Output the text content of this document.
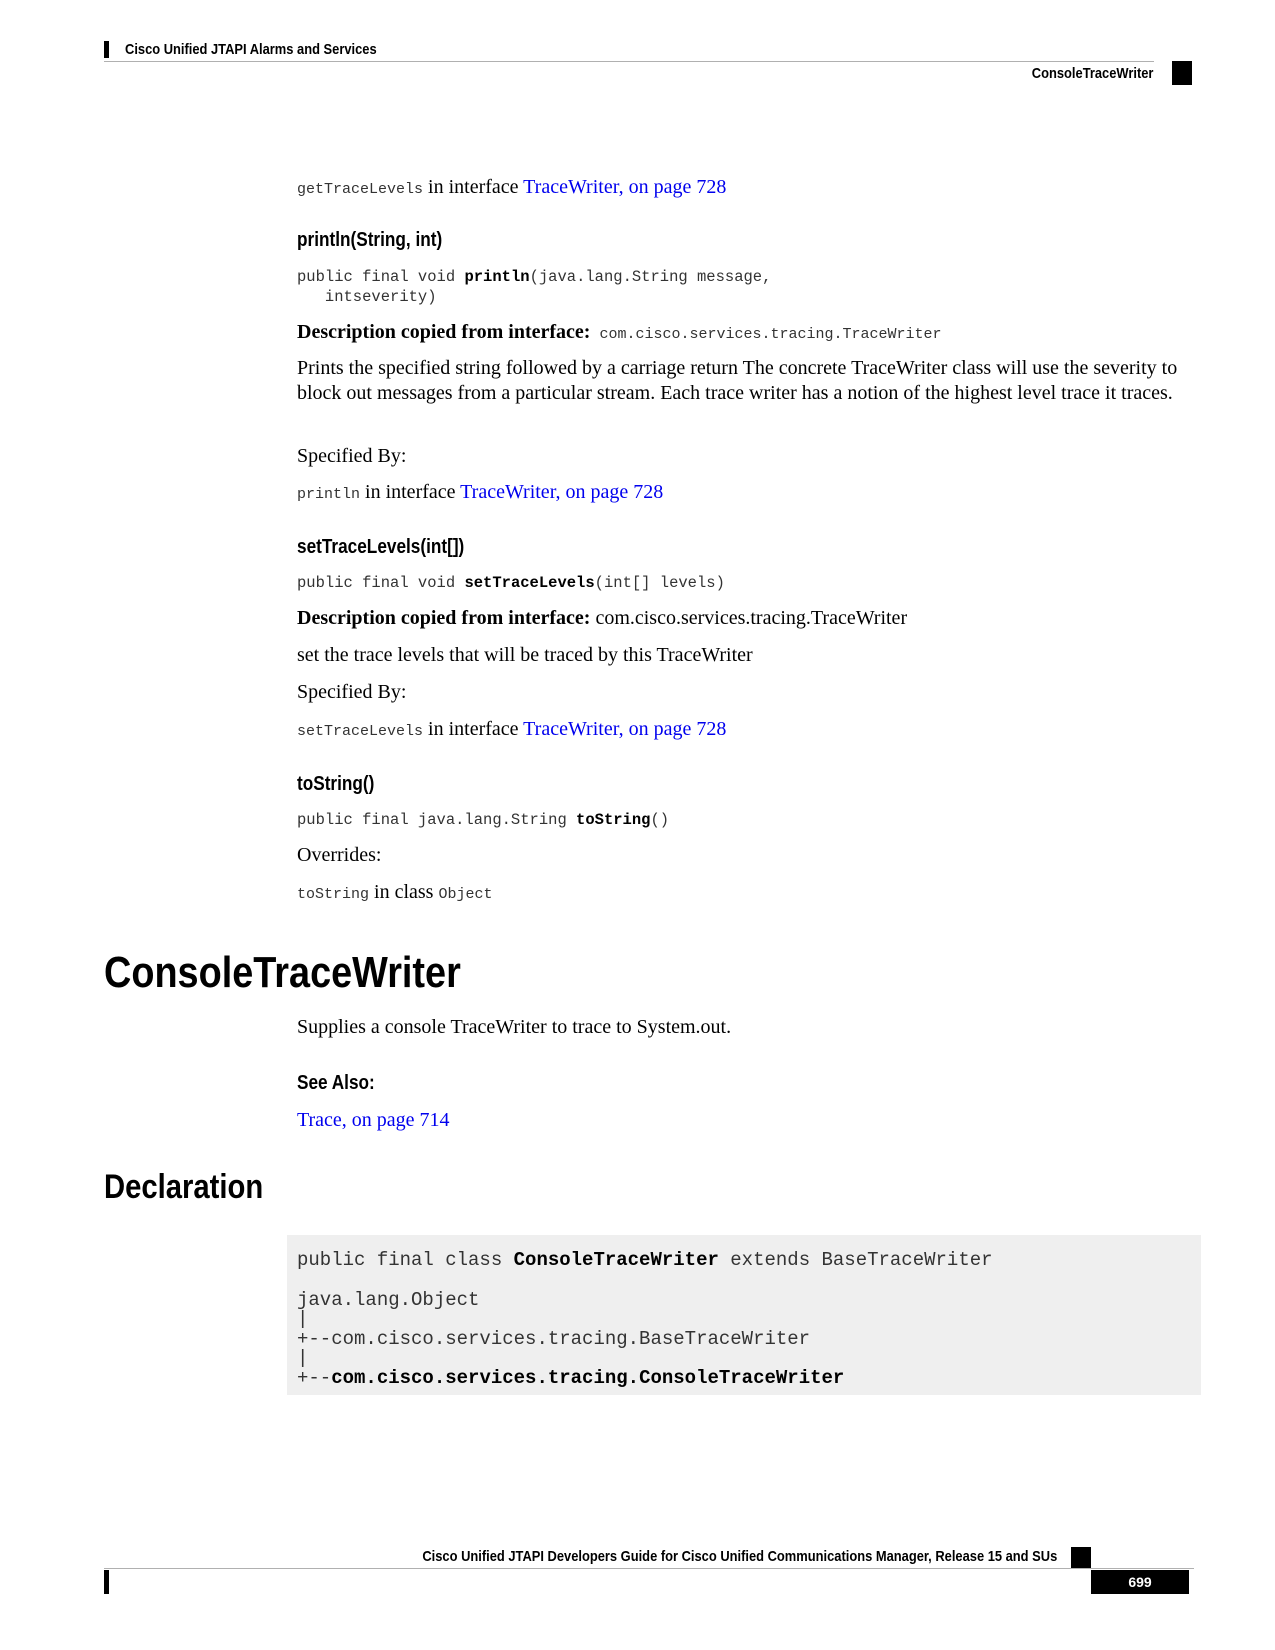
Cisco Unified JTAPI Alarms and Services
ConsoleTraceWriter
getTraceLevels in interface TraceWriter, on page 728
println(String, int)
public final void println(java.lang.String message,
intseverity)
Description copied from interface: com.cisco.services.tracing.TraceWriter
Prints the specified string followed by a carriage return The concrete TraceWriter class will use the severity to block out messages from a particular stream. Each trace writer has a notion of the highest level trace it traces.
Specified By:
println in interface TraceWriter, on page 728
setTraceLevels(int[])
public final void setTraceLevels(int[] levels)
Description copied from interface: com.cisco.services.tracing.TraceWriter
set the trace levels that will be traced by this TraceWriter
Specified By:
setTraceLevels in interface TraceWriter, on page 728
toString()
public final java.lang.String toString()
Overrides:
toString in class Object
ConsoleTraceWriter
Supplies a console TraceWriter to trace to System.out.
See Also:
Trace, on page 714
Declaration
public final class ConsoleTraceWriter extends BaseTraceWriter
java.lang.Object
|
+--com.cisco.services.tracing.BaseTraceWriter
|
+--com.cisco.services.tracing.ConsoleTraceWriter
Cisco Unified JTAPI Developers Guide for Cisco Unified Communications Manager, Release 15 and SUs
699
